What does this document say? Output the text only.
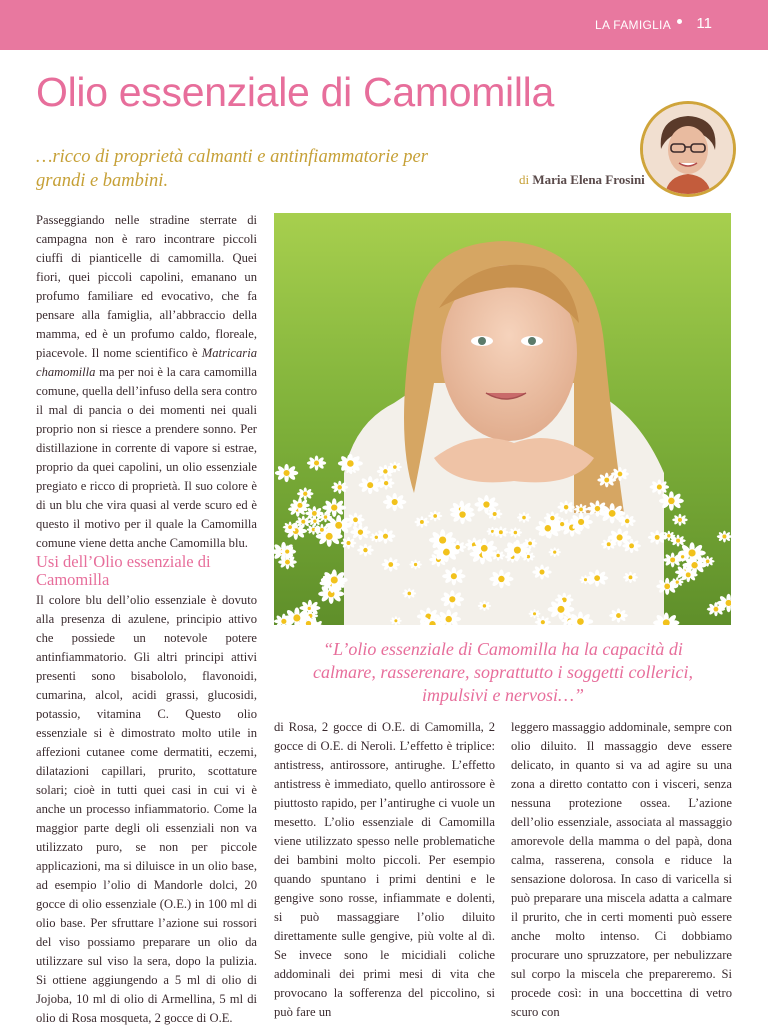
LA FAMIGLIA 11
Olio essenziale di Camomilla

…ricco di proprietà calmanti e antinfiammatorie per grandi e bambini.	di Maria Elena Frosini

Passeggiando nelle stradine sterrate di campagna non è raro incontrare piccoli ciuffi di pianticelle di camomilla. Quei fiori, quei piccoli capolini, emanano un profumo familiare ed evocativo, che fa pensare alla famiglia, all’abbraccio della mamma, ed è un profumo caldo, floreale, piacevole. Il nome scientifico è Matricaria chamomilla ma per noi è la cara camomilla comune, quella dell’infuso della sera contro il mal di pancia o dei momenti nei quali proprio non si riesce a prendere sonno. Per distillazione in corrente di vapore si estrae, proprio da quei capolini, un olio essenziale pregiato e ricco di proprietà. Il suo colore è di un blu che vira quasi al verde scuro ed è questo il motivo per il quale la Camomilla comune viene detta anche Camomilla blu.

Usi dell’Olio essenziale di Camomilla

Il colore blu dell’olio essenziale è dovuto alla presenza di azulene, principio attivo che possiede un notevole potere antinfiammatorio. Gli altri principi attivi presenti sono bisabololo, flavonoidi, cumarina, alcol, acidi grassi, glucosidi, potassio, vitamina C. Questo olio essenziale si è dimostrato molto utile in affezioni cutanee come dermatiti, eczemi, dilatazioni capillari, prurito, scottature solari; cioè in tutti quei casi in cui vi è anche un processo infiammatorio. Come la maggior parte degli oli essenziali non va utilizzato puro, se non per piccole applicazioni, ma si diluisce in un olio base, ad esempio l’olio di Mandorle dolci, 20 gocce di olio essenziale (O.E.) in 100 ml di olio base. Per sfruttare l’azione sui rossori del viso possiamo preparare un olio da utilizzare sul viso la sera, dopo la pulizia. Si ottiene aggiungendo a 5 ml di olio di Jojoba, 10 ml di olio di Armellina, 5 ml di olio di Rosa mosqueta, 2 gocce di O.E.

“L’olio essenziale di Camomilla ha la capacità di calmare, rasserenare, soprattutto i soggetti collerici, impulsivi e nervosi…”

di Rosa, 2 gocce di O.E. di Camomilla, 2 gocce di O.E. di Neroli. L’effetto è triplice: antistress, antirossore, antirughe. L’effetto antistress è immediato, quello antirossore è piuttosto rapido, per l’antirughe ci vuole un mesetto. L’olio essenziale di Camomilla viene utilizzato spesso nelle problematiche dei bambini molto piccoli. Per esempio quando spuntano i primi dentini e le gengive sono rosse, infiammate e dolenti, si può massaggiare l’olio diluito direttamente sulle gengive, più volte al dì. Se invece sono le micidiali coliche addominali dei primi mesi di vita che provocano la sofferenza del piccolino, si può fare un

leggero massaggio addominale, sempre con olio diluito. Il massaggio deve essere delicato, in quanto si va ad agire su una zona a diretto contatto con i visceri, senza nessuna protezione ossea. L’azione dell’olio essenziale, associata al massaggio amorevole della mamma o del papà, dona calma, rasserena, consola e riduce la sensazione dolorosa. In caso di varicella si può preparare una miscela adatta a calmare il prurito, che in certi momenti può essere anche molto intenso. Ci dobbiamo procurare uno spruzzatore, per nebulizzare sul corpo la miscela che prepareremo. Si procede così: in una boccettina di vetro scuro con
